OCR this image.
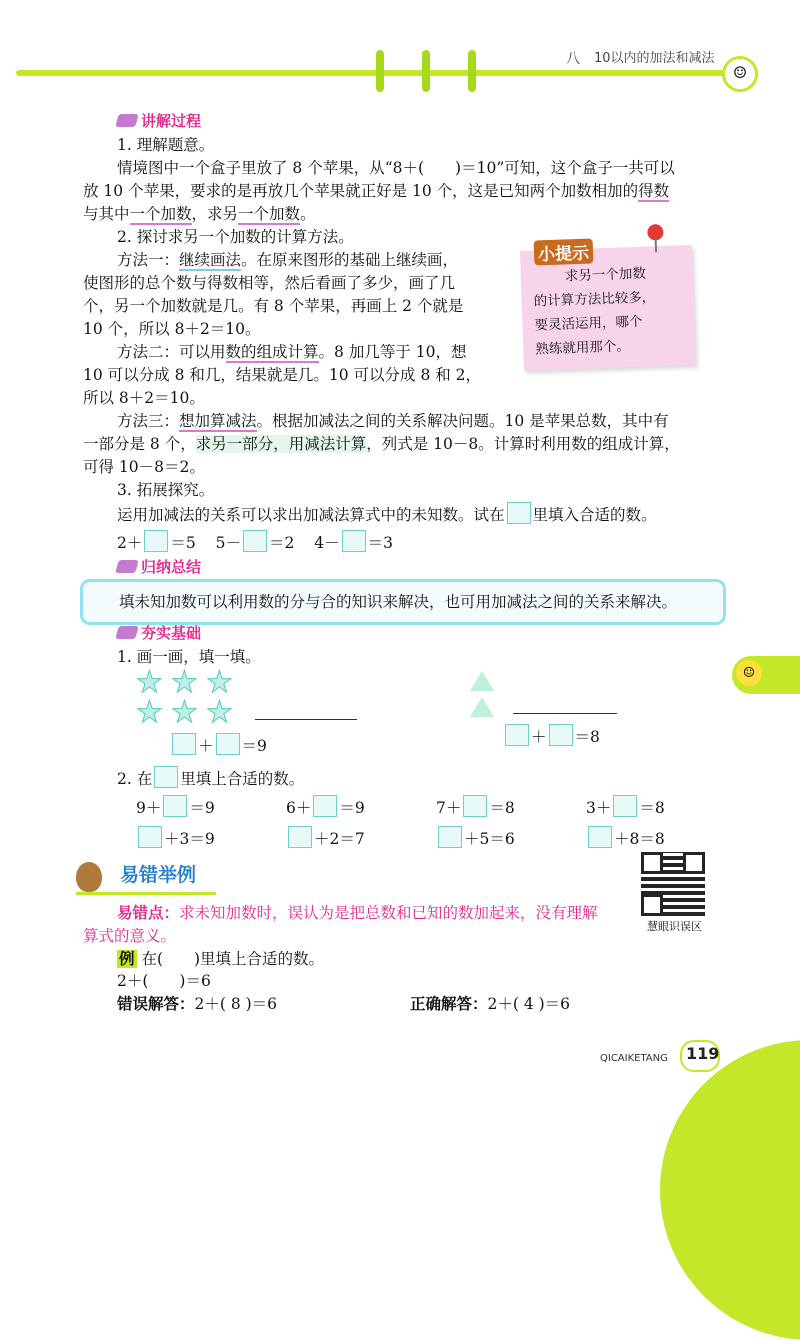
八 10以内的加法和减法
☺
讲解过程
1. 理解题意。
情境图中一个盒子里放了 8 个苹果，从“8＋(　　)＝10”可知，这个盒子一共可以
放 10 个苹果，要求的是再放几个苹果就正好是 10 个，这是已知两个加数相加的得数
与其中一个加数，求另一个加数。
2. 探讨求另一个加数的计算方法。
方法一：继续画法。在原来图形的基础上继续画，
使图形的总个数与得数相等，然后看画了多少，画了几
个，另一个加数就是几。有 8 个苹果，再画上 2 个就是
10 个，所以 8＋2＝10。
方法二：可以用数的组成计算。8 加几等于 10，想
10 可以分成 8 和几，结果就是几。10 可以分成 8 和 2，
所以 8＋2＝10。
方法三：想加算减法。根据加减法之间的关系解决问题。10 是苹果总数，其中有
一部分是 8 个，求另一部分，用减法计算，列式是 10－8。计算时利用数的组成计算，
可得 10－8＝2。
3. 拓展探究。
运用加减法的关系可以求出加减法算式中的未知数。试在 里填入合适的数。
2＋ ＝5 5－ ＝2 4－ ＝3
小提示
求另一个加数
的计算方法比较多，
要灵活运用，哪个
熟练就用那个。
归纳总结
填未知加数可以利用数的分与合的知识来解决，也可用加减法之间的关系来解决。
夯实基础
1. 画一画，填一填。
★ ★ ★
★ ★ ★
＋ ＝9	＋ ＝8
2. 在 里填上合适的数。
9＋ ＝9	6＋ ＝9	7＋ ＝8	3＋ ＝8
＋3＝9	＋2＝7	＋5＝6	＋8＝8
易错举例
易错点：求未知加数时，误认为是把总数和已知的数加起来，没有理解
算式的意义。
例 在(　　)里填上合适的数。
2＋(　　)＝6
错误解答：2＋( 8 )＝6	正确解答：2＋( 4 )＝6
慧眼识误区
☺
QICAIKETANG 119
